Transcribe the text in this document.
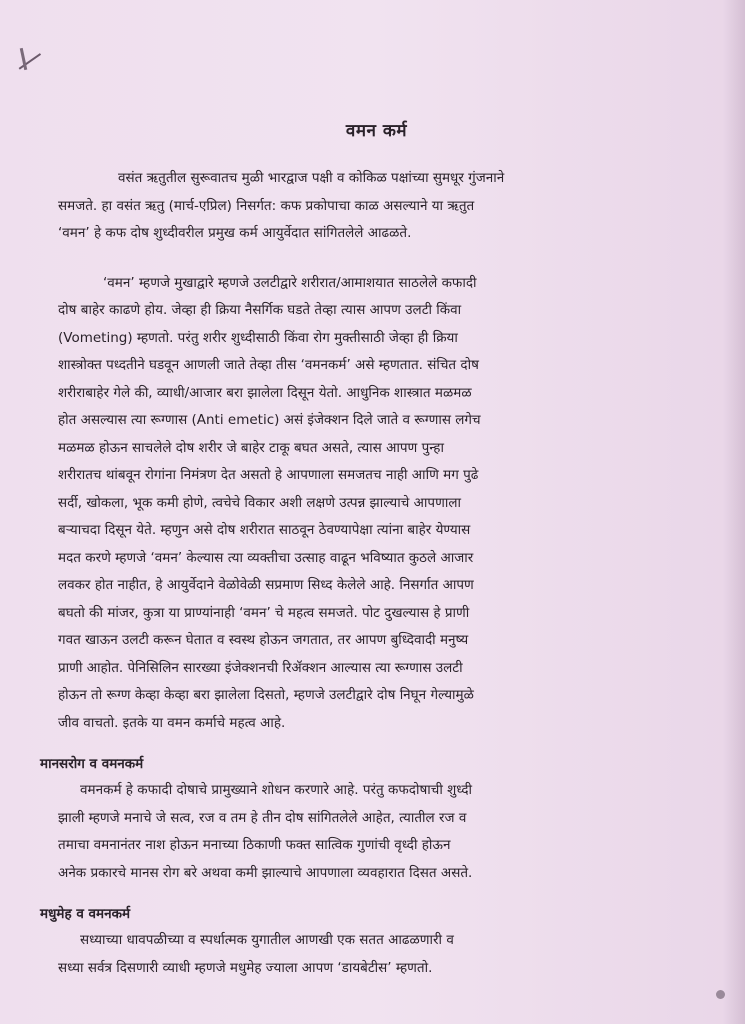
वमन कर्म
वसंत ऋतुतील सुरूवातच मुळी भारद्वाज पक्षी व कोकिळ पक्षांच्या सुमधूर गुंजनाने
समजते. हा वसंत ऋतु (मार्च-एप्रिल) निसर्गत: कफ प्रकोपाचा काळ असल्याने या ऋतुत
‘वमन’ हे कफ दोष शुध्दीवरील प्रमुख कर्म आयुर्वेदात सांगितलेले आढळते.
‘वमन’ म्हणजे मुखाद्वारे म्हणजे उलटीद्वारे शरीरात/आमाशयात साठलेले कफादी
दोष बाहेर काढणे होय. जेव्हा ही क्रिया नैसर्गिक घडते तेव्हा त्यास आपण उलटी किंवा
(Vometing) म्हणतो. परंतु शरीर शुध्दीसाठी किंवा रोग मुक्तीसाठी जेव्हा ही क्रिया
शास्त्रोक्त पध्दतीने घडवून आणली जाते तेव्हा तीस ‘वमनकर्म’ असे म्हणतात. संचित दोष
शरीराबाहेर गेले की, व्याधी/आजार बरा झालेला दिसून येतो. आधुनिक शास्त्रात मळमळ
होत असल्यास त्या रूग्णास (Anti emetic) असं इंजेक्शन दिले जाते व रूग्णास लगेच
मळमळ होऊन साचलेले दोष शरीर जे बाहेर टाकू बघत असते, त्यास आपण पुन्हा
शरीरातच थांबवून रोगांना निमंत्रण देत असतो हे आपणाला समजतच नाही आणि मग पुढे
सर्दी, खोकला, भूक कमी होणे, त्वचेचे विकार अशी लक्षणे उत्पन्न झाल्याचे आपणाला
बऱ्याचदा दिसून येते. म्हणुन असे दोष शरीरात साठवून ठेवण्यापेक्षा त्यांना बाहेर येण्यास
मदत करणे म्हणजे ‘वमन’ केल्यास त्या व्यक्तीचा उत्साह वाढून भविष्यात कुठले आजार
लवकर होत नाहीत, हे आयुर्वेदाने वेळोवेळी सप्रमाण सिध्द केलेले आहे. निसर्गात आपण
बघतो की मांजर, कुत्रा या प्राण्यांनाही ‘वमन’ चे महत्व समजते. पोट दुखल्यास हे प्राणी
गवत खाऊन उलटी करून घेतात व स्वस्थ होऊन जगतात, तर आपण बुध्दिवादी मनुष्य
प्राणी आहोत. पेनिसिलिन सारख्या इंजेक्शनची रिॲक्शन आल्यास त्या रूग्णास उलटी
होऊन तो रूग्ण केव्हा केव्हा बरा झालेला दिसतो, म्हणजे उलटीद्वारे दोष निघून गेल्यामुळे
जीव वाचतो. इतके या वमन कर्माचे महत्व आहे.

मानसरोग व वमनकर्म

वमनकर्म हे कफादी दोषाचे प्रामुख्याने शोधन करणारे आहे. परंतु कफदोषाची शुध्दी
झाली म्हणजे मनाचे जे सत्व, रज व तम हे तीन दोष सांगितलेले आहेत, त्यातील रज व
तमाचा वमनानंतर नाश होऊन मनाच्या ठिकाणी फक्त सात्विक गुणांची वृध्दी होऊन
अनेक प्रकारचे मानस रोग बरे अथवा कमी झाल्याचे आपणाला व्यवहारात दिसत असते.

मधुमेह व वमनकर्म

सध्याच्या धावपळीच्या व स्पर्धात्मक युगातील आणखी एक सतत आढळणारी व
सध्या सर्वत्र दिसणारी व्याधी म्हणजे मधुमेह ज्याला आपण ‘डायबेटीस’ म्हणतो.
